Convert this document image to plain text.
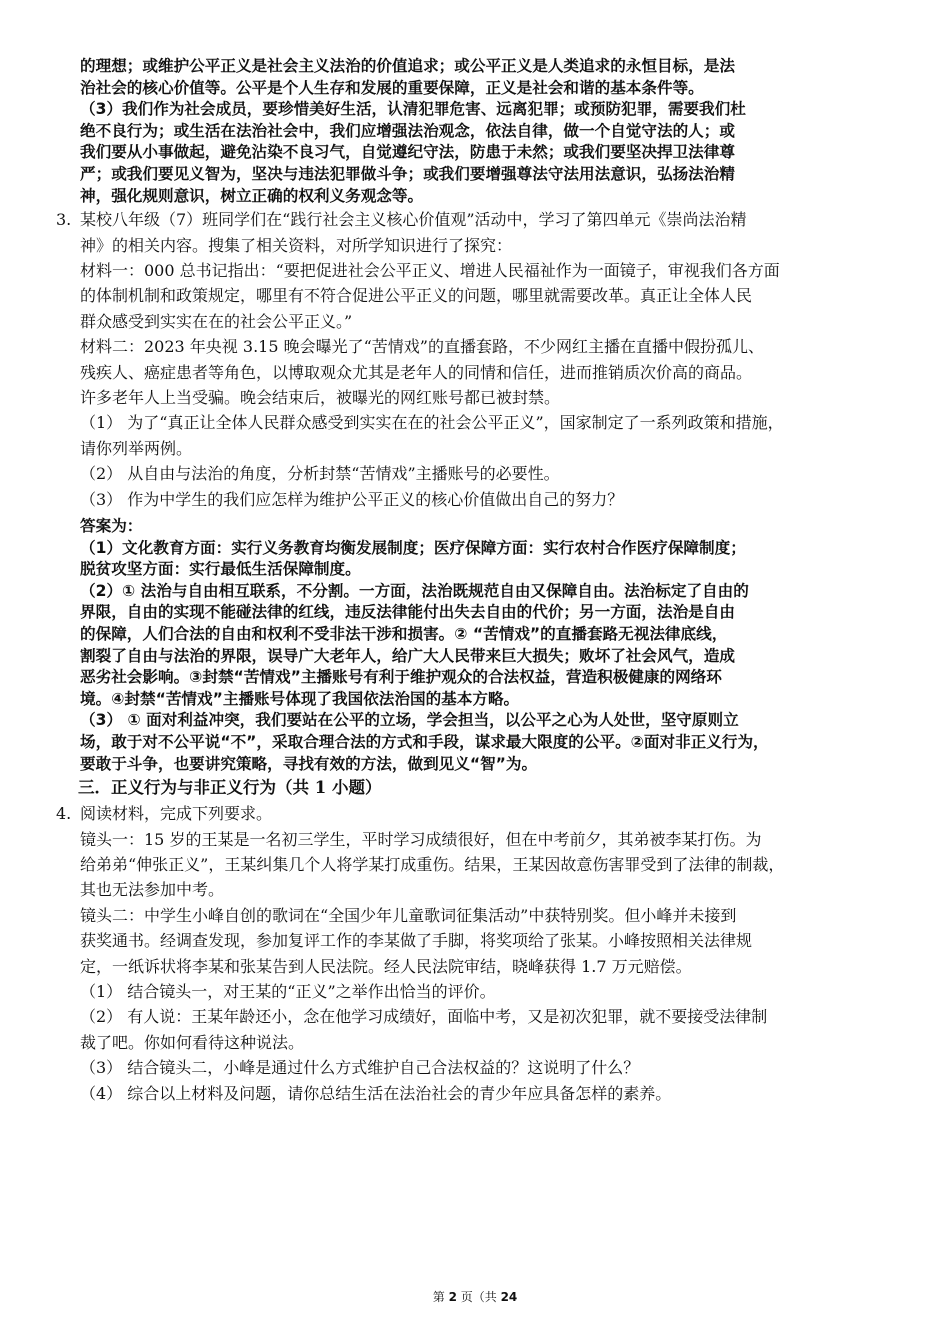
的理想；或维护公平正义是社会主义法治的价值追求；或公平正义是人类追求的永恒目标，是法
治社会的核心价值等。公平是个人生存和发展的重要保障，正义是社会和谐的基本条件等。
（3）我们作为社会成员，要珍惜美好生活，认清犯罪危害、远离犯罪；或预防犯罪，需要我们杜
绝不良行为；或生活在法治社会中，我们应增强法治观念，依法自律，做一个自觉守法的人；或
我们要从小事做起，避免沾染不良习气，自觉遵纪守法，防患于未然；或我们要坚决捍卫法律尊
严；或我们要见义智为，坚决与违法犯罪做斗争；或我们要增强尊法守法用法意识，弘扬法治精
神，强化规则意识，树立正确的权利义务观念等。
3. 某校八年级（7）班同学们在“践行社会主义核心价值观”活动中，学习了第四单元《崇尚法治精
神》的相关内容。搜集了相关资料，对所学知识进行了探究：
材料一：000 总书记指出：“要把促进社会公平正义、增进人民福祉作为一面镜子，审视我们各方面
的体制机制和政策规定，哪里有不符合促进公平正义的问题，哪里就需要改革。真正让全体人民
群众感受到实实在在的社会公平正义。”
材料二：2023 年央视 3.15 晚会曝光了“苦情戏”的直播套路，不少网红主播在直播中假扮孤儿、
残疾人、癌症患者等角色，以博取观众尤其是老年人的同情和信任，进而推销质次价高的商品。
许多老年人上当受骗。晚会结束后，被曝光的网红账号都已被封禁。
（1） 为了“真正让全体人民群众感受到实实在在的社会公平正义”，国家制定了一系列政策和措施，
请你列举两例。
（2） 从自由与法治的角度，分析封禁“苦情戏”主播账号的必要性。
（3） 作为中学生的我们应怎样为维护公平正义的核心价值做出自己的努力？
答案为：
（1）文化教育方面：实行义务教育均衡发展制度；医疗保障方面：实行农村合作医疗保障制度；
脱贫攻坚方面：实行最低生活保障制度。
（2）① 法治与自由相互联系，不分割。一方面，法治既规范自由又保障自由。法治标定了自由的
界限，自由的实现不能碰法律的红线，违反法律能付出失去自由的代价；另一方面，法治是自由
的保障，人们合法的自由和权利不受非法干涉和损害。② “苦情戏”的直播套路无视法律底线，
割裂了自由与法治的界限，误导广大老年人，给广大人民带来巨大损失；败坏了社会风气，造成
恶劣社会影响。③封禁“苦情戏”主播账号有利于维护观众的合法权益，营造积极健康的网络环
境。④封禁“苦情戏”主播账号体现了我国依法治国的基本方略。
（3） ① 面对利益冲突，我们要站在公平的立场，学会担当，以公平之心为人处世，坚守原则立
场，敢于对不公平说“不”，采取合理合法的方式和手段，谋求最大限度的公平。②面对非正义行为，
要敢于斗争，也要讲究策略，寻找有效的方法，做到见义“智”为。
三．正义行为与非正义行为（共 1 小题）
4. 阅读材料，完成下列要求。
镜头一：15 岁的王某是一名初三学生，平时学习成绩很好，但在中考前夕，其弟被李某打伤。为
给弟弟“伸张正义”，王某纠集几个人将学某打成重伤。结果，王某因故意伤害罪受到了法律的制裁，
其也无法参加中考。
镜头二：中学生小峰自创的歌词在“全国少年儿童歌词征集活动”中获特别奖。但小峰并未接到
获奖通书。经调查发现，参加复评工作的李某做了手脚，将奖项给了张某。小峰按照相关法律规
定，一纸诉状将李某和张某告到人民法院。经人民法院审结，晓峰获得 1.7 万元赔偿。
（1） 结合镜头一，对王某的“正义”之举作出恰当的评价。
（2） 有人说：王某年龄还小，念在他学习成绩好，面临中考，又是初次犯罪，就不要接受法律制
裁了吧。你如何看待这种说法。
（3） 结合镜头二，小峰是通过什么方式维护自己合法权益的？这说明了什么？
（4） 综合以上材料及问题，请你总结生活在法治社会的青少年应具备怎样的素养。
第 2 页（共 24
